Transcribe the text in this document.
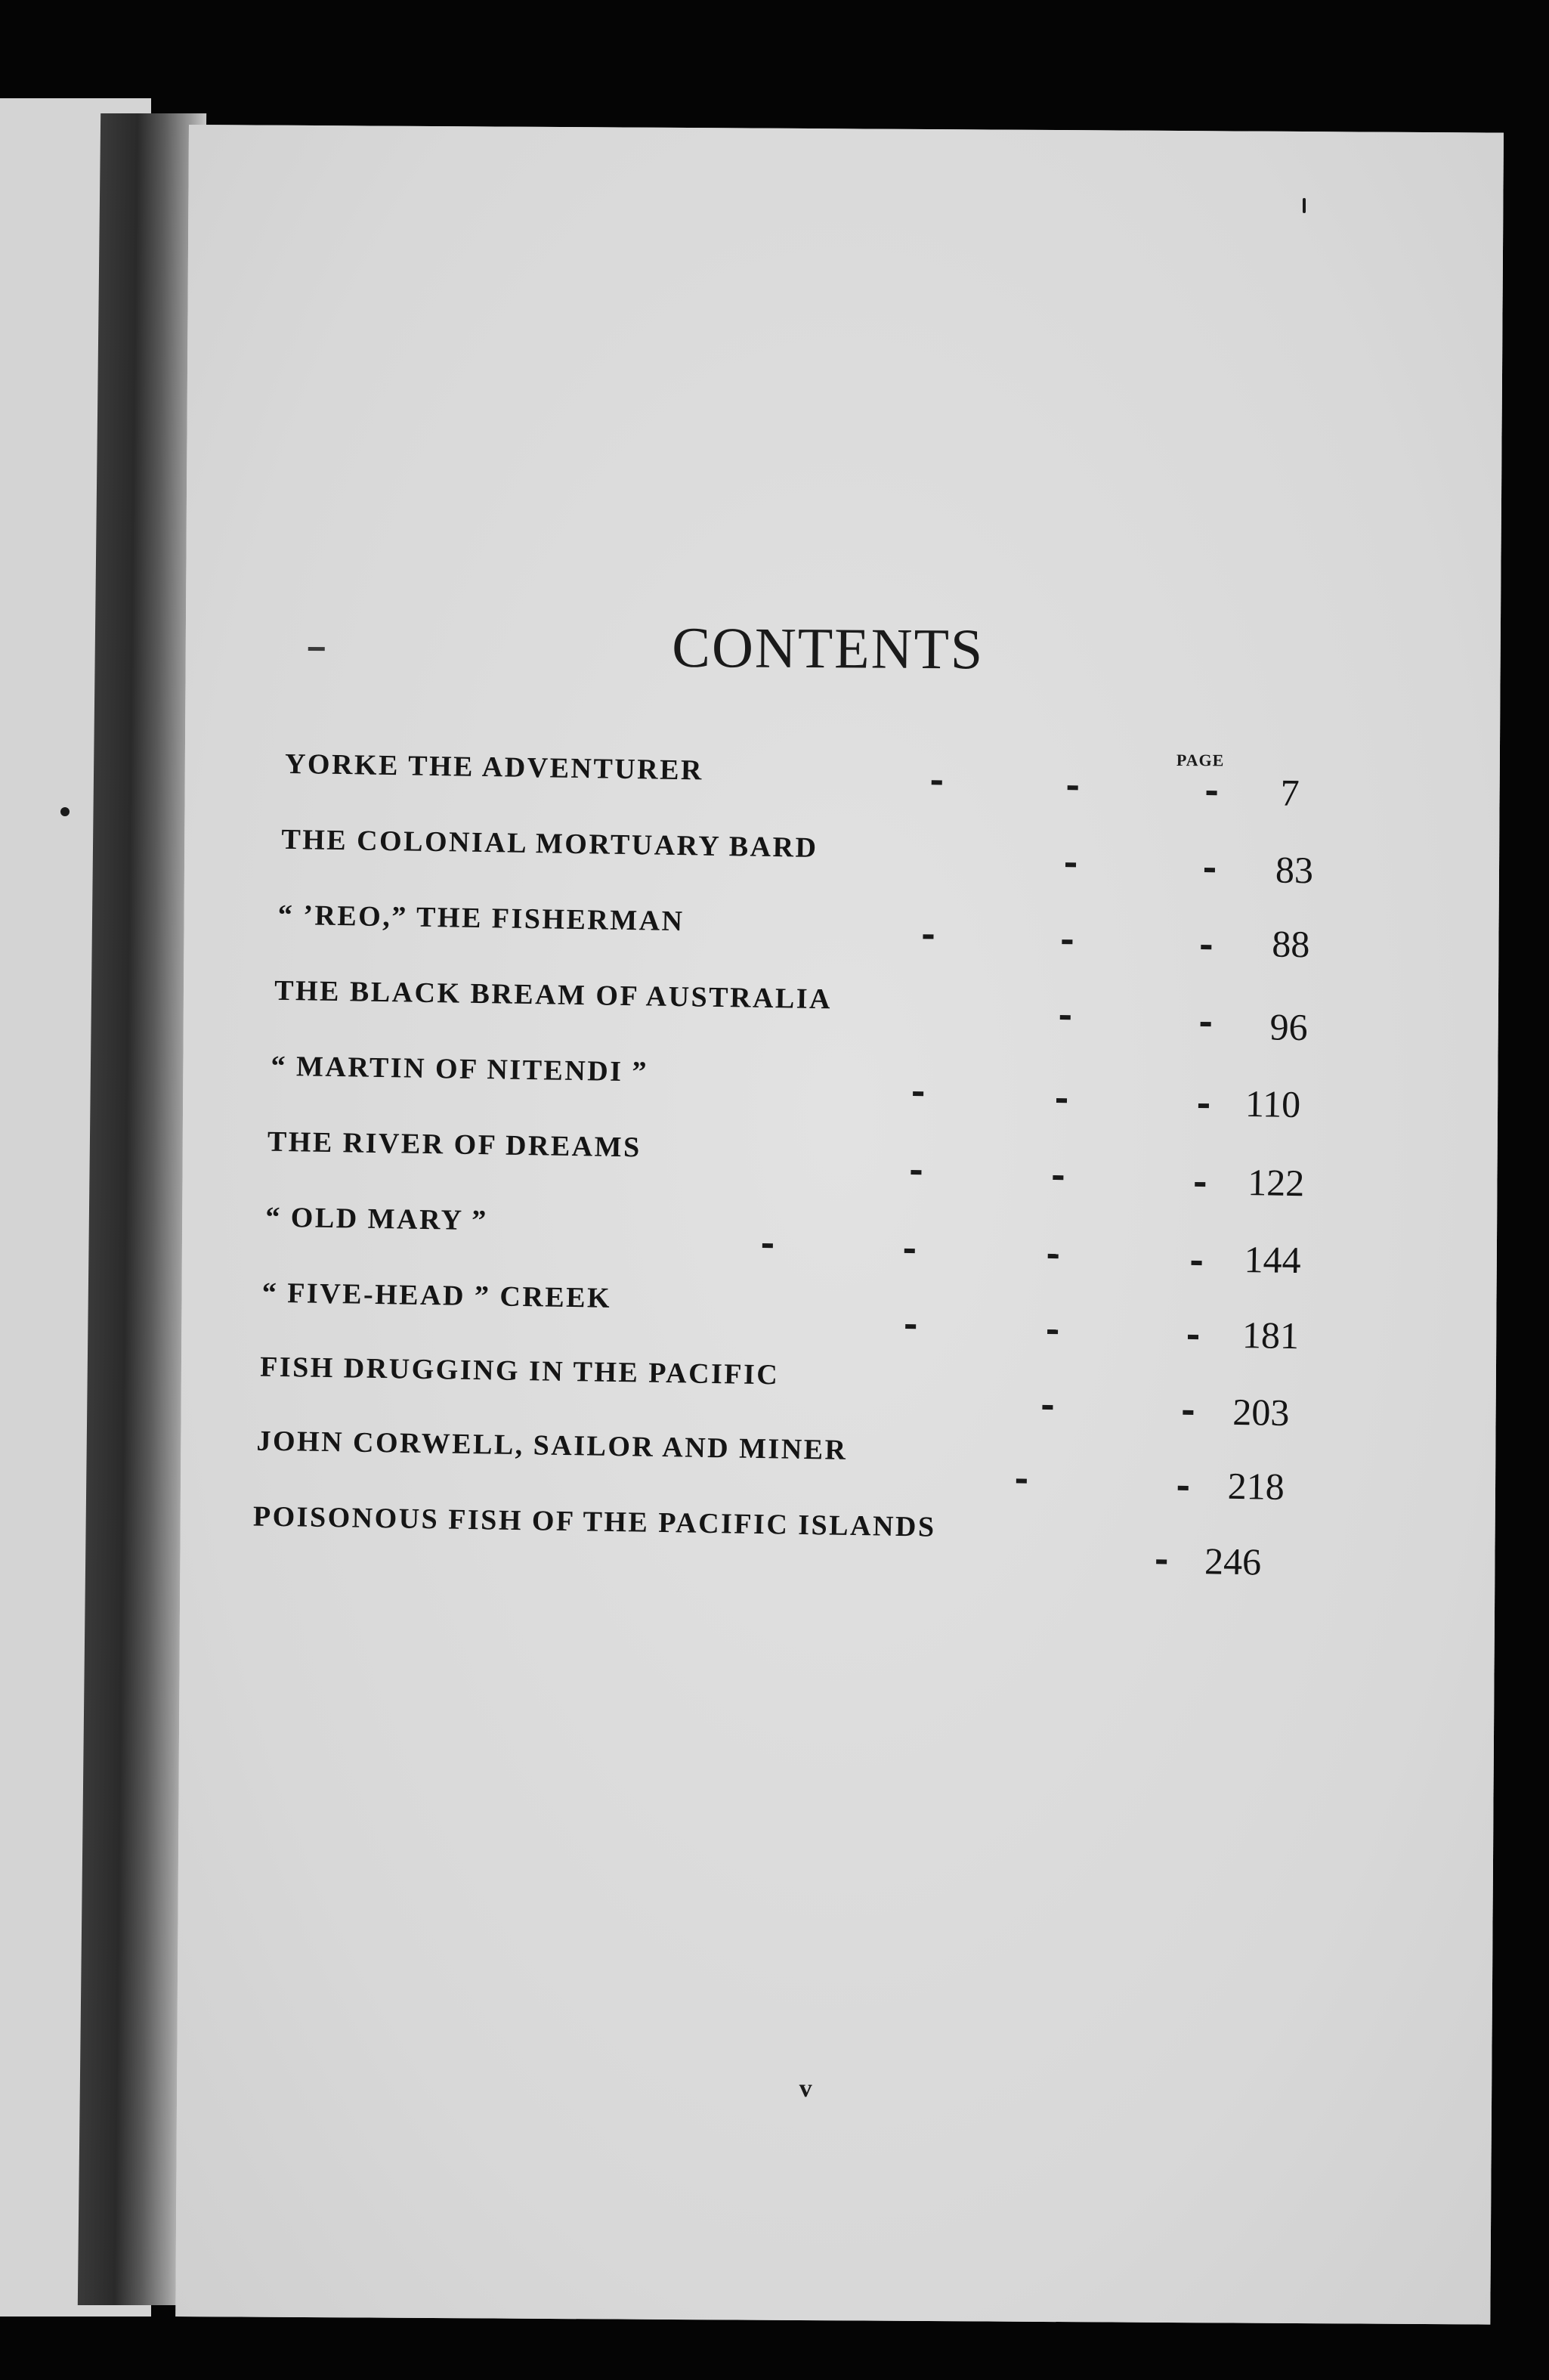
CONTENTS
PAGE
YORKE THE ADVENTURER
7
THE COLONIAL MORTUARY BARD
83
“ ’REO,” THE FISHERMAN
88
THE BLACK BREAM OF AUSTRALIA
96
“ MARTIN OF NITENDI ”
110
THE RIVER OF DREAMS
122
“ OLD MARY ”
144
“ FIVE-HEAD ” CREEK
181
FISH DRUGGING IN THE PACIFIC
203
JOHN CORWELL, SAILOR AND MINER
218
POISONOUS FISH OF THE PACIFIC ISLANDS
246
v
